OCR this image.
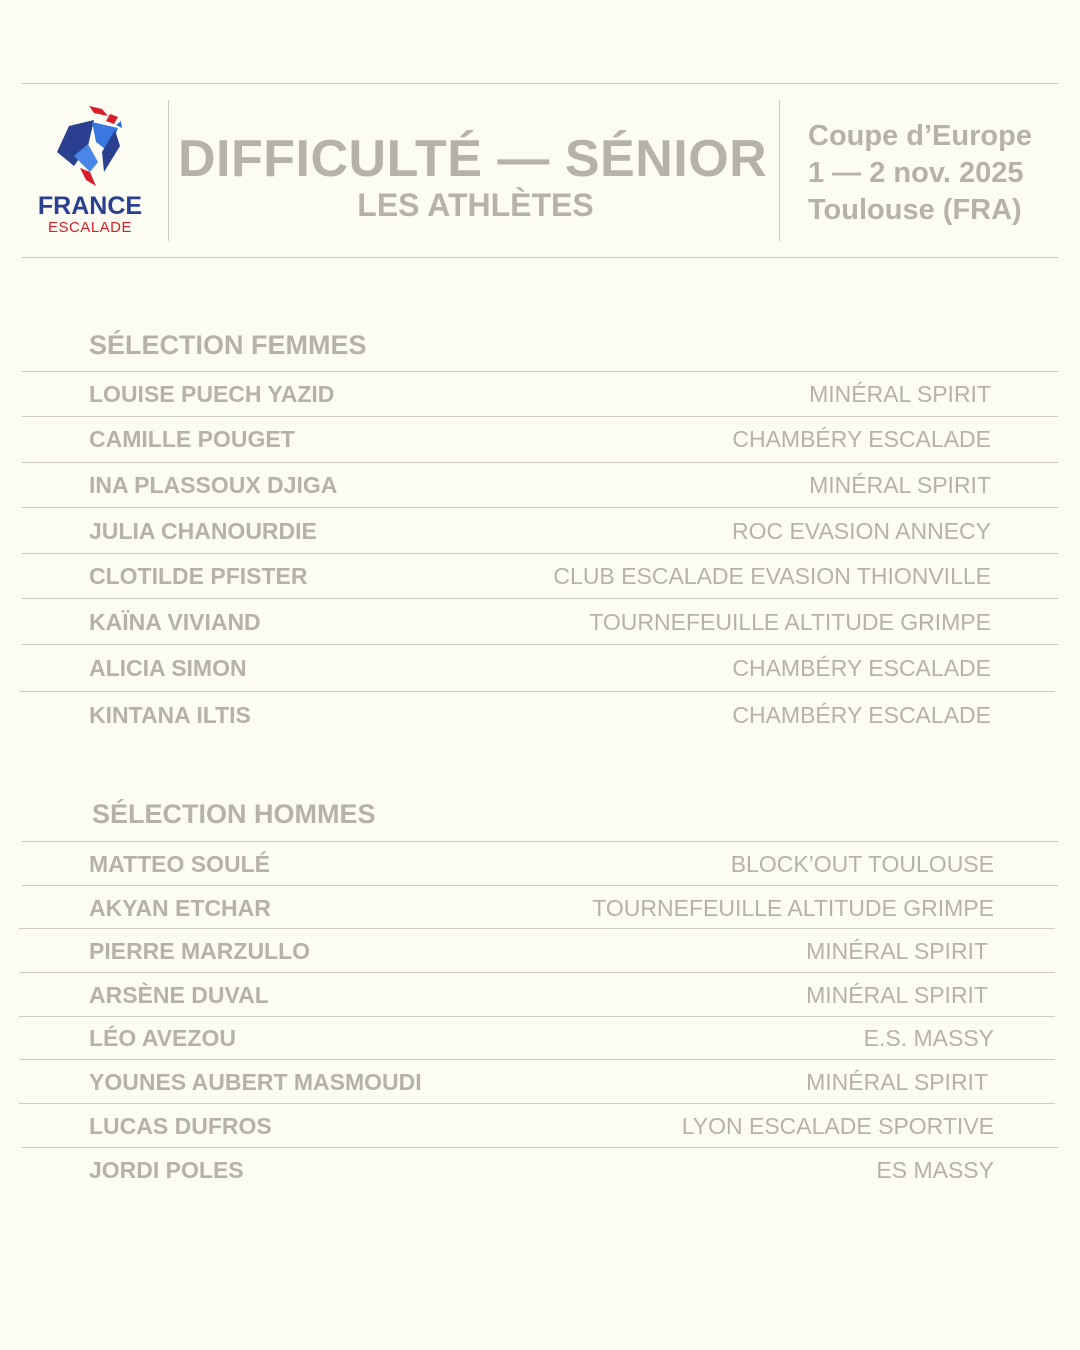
FRANCE
ESCALADE
DIFFICULTÉ — SÉNIOR
LES ATHLÈTES
Coupe d’Europe
1 — 2 nov. 2025
Toulouse (FRA)
SÉLECTION FEMMES
LOUISE PUECH YAZID	MINÉRAL SPIRIT
CAMILLE POUGET	CHAMBÉRY ESCALADE
INA PLASSOUX DJIGA	MINÉRAL SPIRIT
JULIA CHANOURDIE	ROC EVASION ANNECY
CLOTILDE PFISTER	CLUB ESCALADE EVASION THIONVILLE
KAÏNA VIVIAND	TOURNEFEUILLE ALTITUDE GRIMPE
ALICIA SIMON	CHAMBÉRY ESCALADE
KINTANA ILTIS	CHAMBÉRY ESCALADE
SÉLECTION HOMMES
MATTEO SOULÉ	BLOCK’OUT TOULOUSE
AKYAN ETCHAR	TOURNEFEUILLE ALTITUDE GRIMPE
PIERRE MARZULLO	MINÉRAL SPIRIT
ARSÈNE DUVAL	MINÉRAL SPIRIT
LÉO AVEZOU	E.S. MASSY
YOUNES AUBERT MASMOUDI	MINÉRAL SPIRIT
LUCAS DUFROS	LYON ESCALADE SPORTIVE
JORDI POLES	ES MASSY
